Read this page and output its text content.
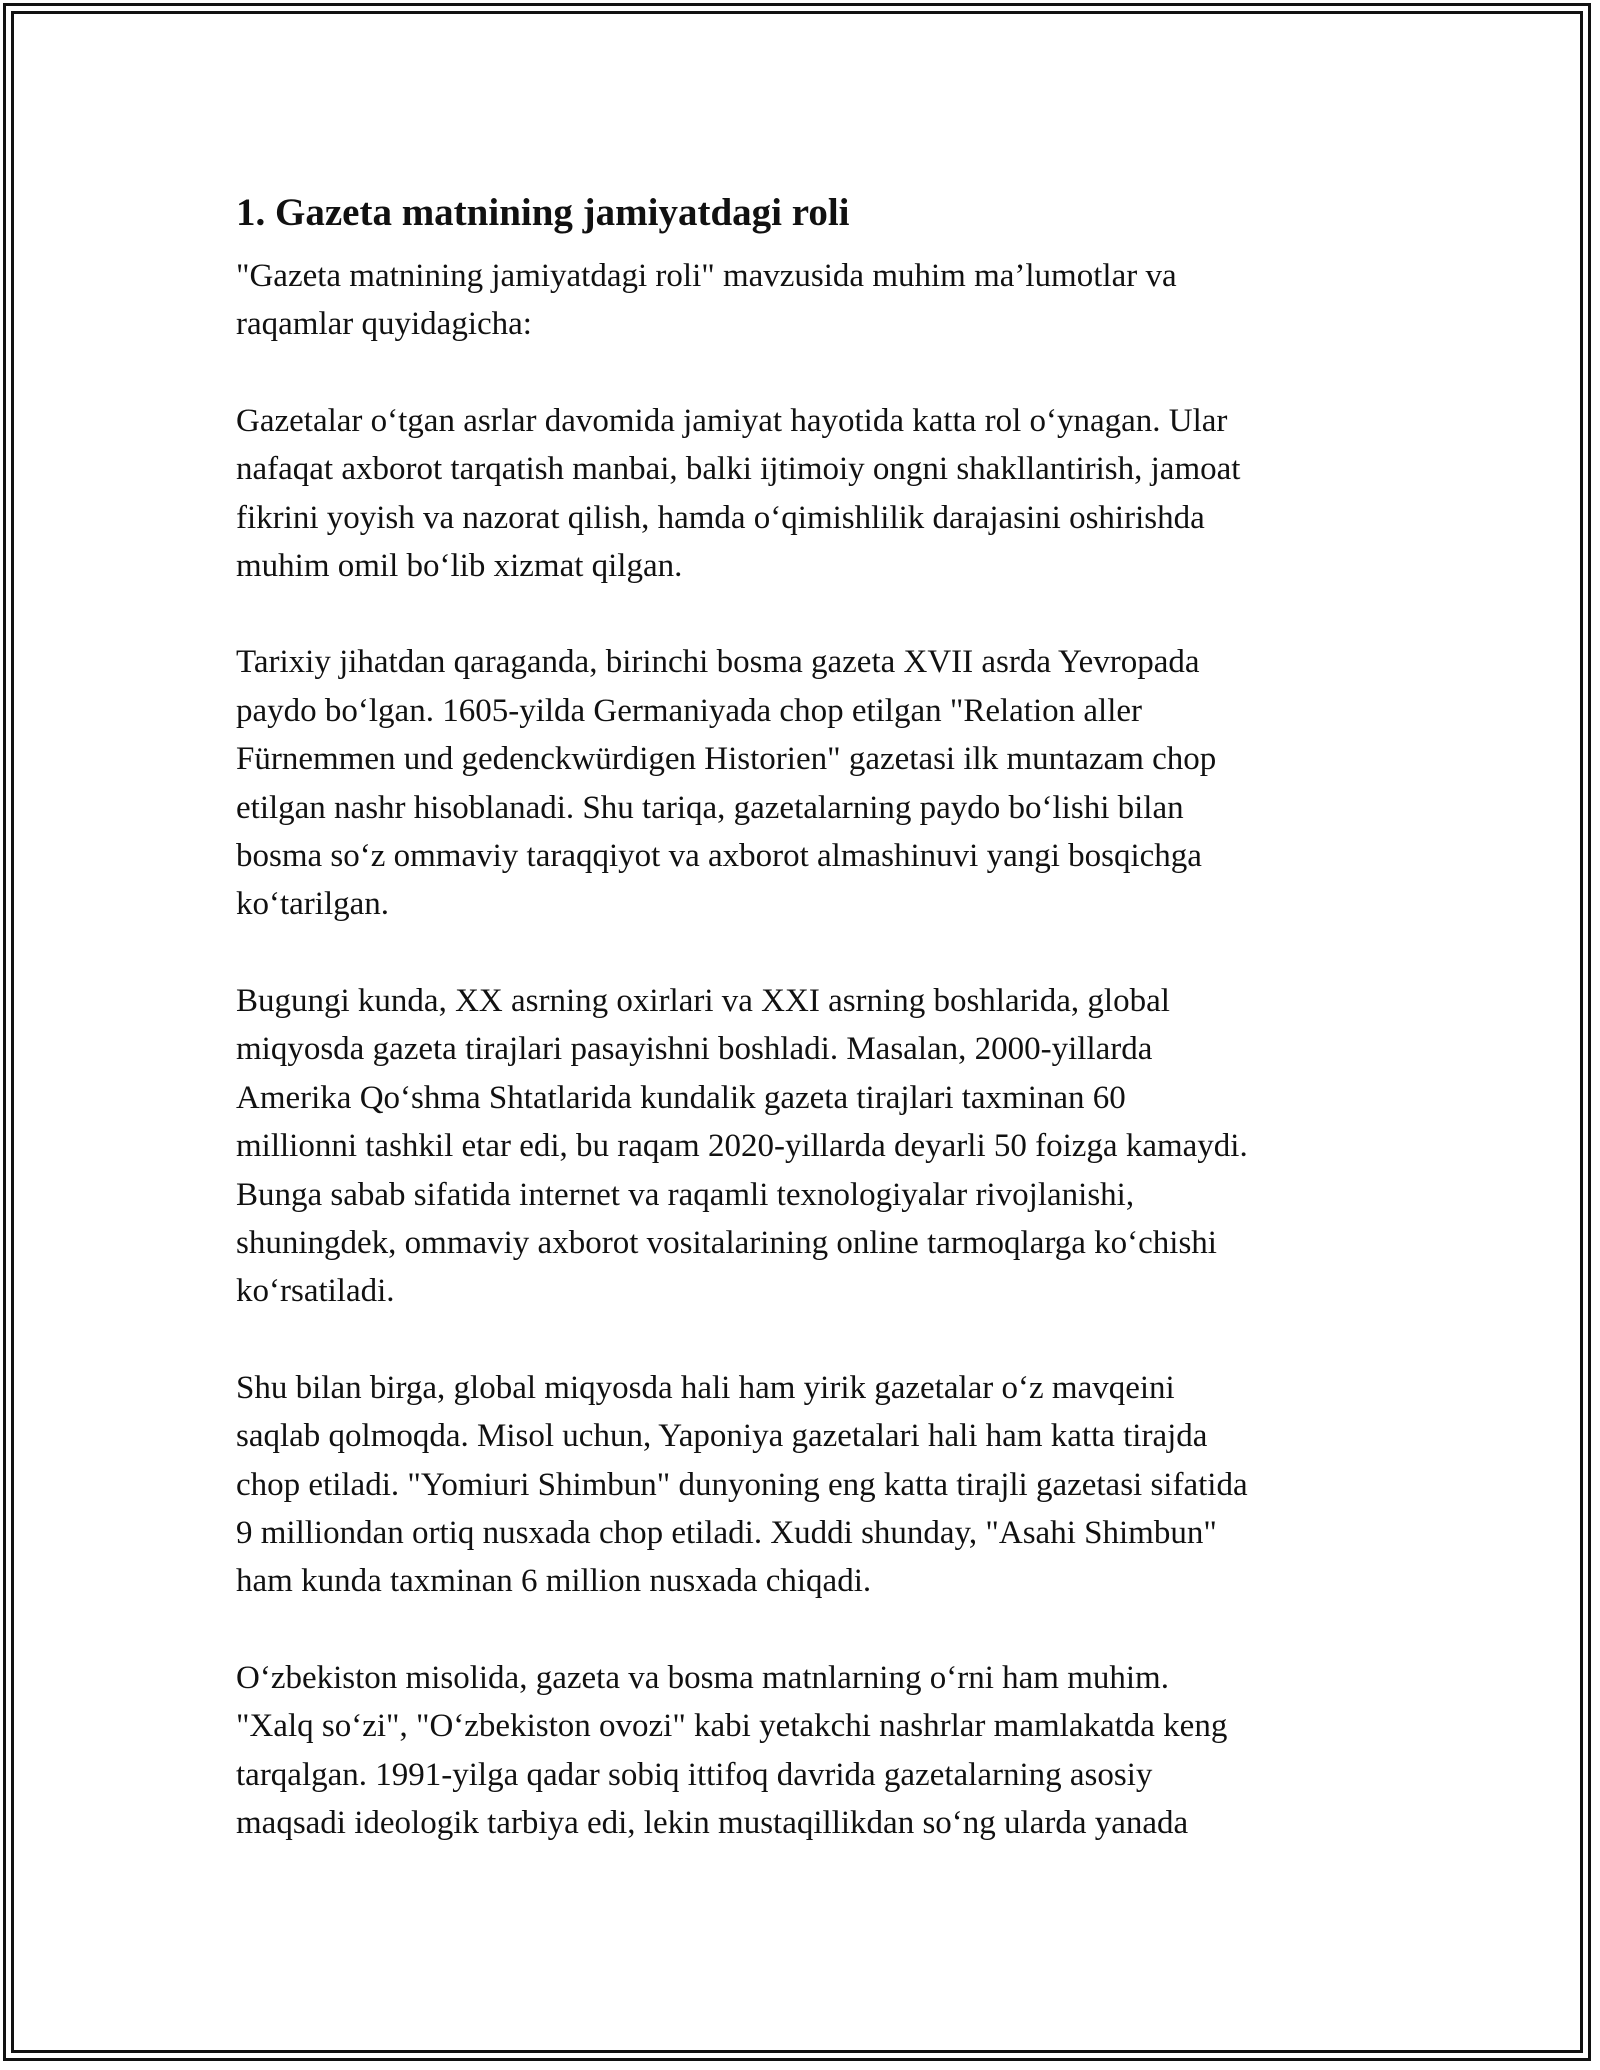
1. Gazeta matnining jamiyatdagi roli

"Gazeta matnining jamiyatdagi roli" mavzusida muhim ma’lumotlar va
raqamlar quyidagicha:

Gazetalar o‘tgan asrlar davomida jamiyat hayotida katta rol o‘ynagan. Ular
nafaqat axborot tarqatish manbai, balki ijtimoiy ongni shakllantirish, jamoat
fikrini yoyish va nazorat qilish, hamda o‘qimishlilik darajasini oshirishda
muhim omil bo‘lib xizmat qilgan.

Tarixiy jihatdan qaraganda, birinchi bosma gazeta XVII asrda Yevropada
paydo bo‘lgan. 1605-yilda Germaniyada chop etilgan "Relation aller
Fürnemmen und gedenckwürdigen Historien" gazetasi ilk muntazam chop
etilgan nashr hisoblanadi. Shu tariqa, gazetalarning paydo bo‘lishi bilan
bosma so‘z ommaviy taraqqiyot va axborot almashinuvi yangi bosqichga
ko‘tarilgan.

Bugungi kunda, XX asrning oxirlari va XXI asrning boshlarida, global
miqyosda gazeta tirajlari pasayishni boshladi. Masalan, 2000-yillarda
Amerika Qo‘shma Shtatlarida kundalik gazeta tirajlari taxminan 60
millionni tashkil etar edi, bu raqam 2020-yillarda deyarli 50 foizga kamaydi.
Bunga sabab sifatida internet va raqamli texnologiyalar rivojlanishi,
shuningdek, ommaviy axborot vositalarining online tarmoqlarga ko‘chishi
ko‘rsatiladi.

Shu bilan birga, global miqyosda hali ham yirik gazetalar o‘z mavqeini
saqlab qolmoqda. Misol uchun, Yaponiya gazetalari hali ham katta tirajda
chop etiladi. "Yomiuri Shimbun" dunyoning eng katta tirajli gazetasi sifatida
9 milliondan ortiq nusxada chop etiladi. Xuddi shunday, "Asahi Shimbun"
ham kunda taxminan 6 million nusxada chiqadi.

O‘zbekiston misolida, gazeta va bosma matnlarning o‘rni ham muhim.
"Xalq so‘zi", "O‘zbekiston ovozi" kabi yetakchi nashrlar mamlakatda keng
tarqalgan. 1991-yilga qadar sobiq ittifoq davrida gazetalarning asosiy
maqsadi ideologik tarbiya edi, lekin mustaqillikdan so‘ng ularda yanada
